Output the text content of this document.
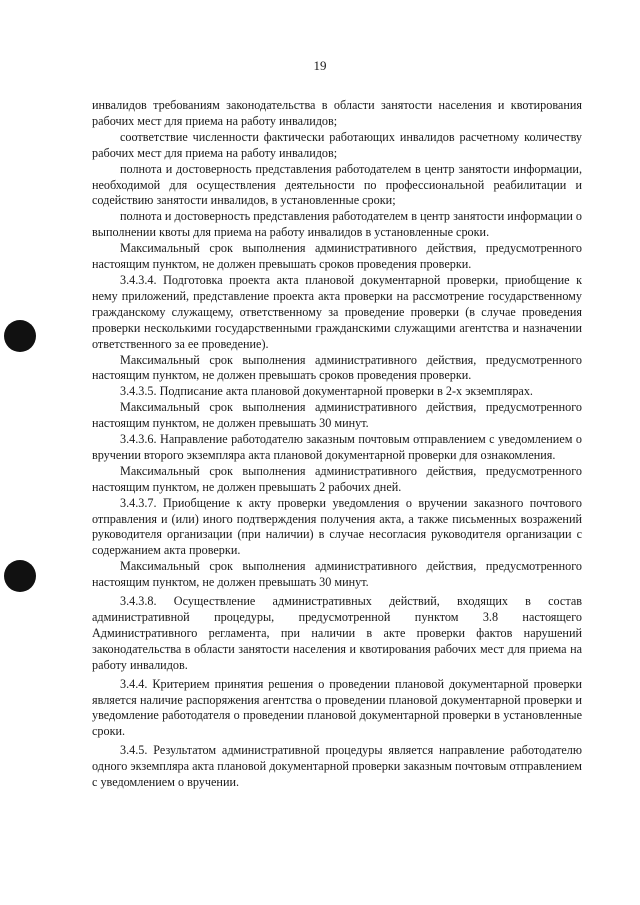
19

инвалидов требованиям законодательства в области занятости населения и квотирования рабочих мест для приема на работу инвалидов;

соответствие численности фактически работающих инвалидов расчетному количеству рабочих мест для приема на работу инвалидов;

полнота и достоверность представления работодателем в центр занятости информации, необходимой для осуществления деятельности по профессиональной реабилитации и содействию занятости инвалидов, в установленные сроки;

полнота и достоверность представления работодателем в центр занятости информации о выполнении квоты для приема на работу инвалидов в установленные сроки.

Максимальный срок выполнения административного действия, предусмотренного настоящим пунктом, не должен превышать сроков проведения проверки.

3.4.3.4. Подготовка проекта акта плановой документарной проверки, приобщение к нему приложений, представление проекта акта проверки на рассмотрение государственному гражданскому служащему, ответственному за проведение проверки (в случае проведения проверки несколькими государственными гражданскими служащими агентства и назначении ответственного за ее проведение).

Максимальный срок выполнения административного действия, предусмотренного настоящим пунктом, не должен превышать сроков проведения проверки.

3.4.3.5. Подписание акта плановой документарной проверки в 2-х экземплярах.

Максимальный срок выполнения административного действия, предусмотренного настоящим пунктом, не должен превышать 30 минут.

3.4.3.6. Направление работодателю заказным почтовым отправлением с уведомлением о вручении второго экземпляра акта плановой документарной проверки для ознакомления.

Максимальный срок выполнения административного действия, предусмотренного настоящим пунктом, не должен превышать 2 рабочих дней.

3.4.3.7. Приобщение к акту проверки уведомления о вручении заказного почтового отправления и (или) иного подтверждения получения акта, а также письменных возражений руководителя организации (при наличии) в случае несогласия руководителя организации с содержанием акта проверки.

Максимальный срок выполнения административного действия, предусмотренного настоящим пунктом, не должен превышать 30 минут.

3.4.3.8. Осуществление административных действий, входящих в состав административной процедуры, предусмотренной пунктом 3.8 настоящего Административного регламента, при наличии в акте проверки фактов нарушений законодательства в области занятости населения и квотирования рабочих мест для приема на работу инвалидов.

3.4.4. Критерием принятия решения о проведении плановой документарной проверки является наличие распоряжения агентства о проведении плановой документарной проверки и уведомление работодателя о проведении плановой документарной проверки в установленные сроки.

3.4.5. Результатом административной процедуры является направление работодателю одного экземпляра акта плановой документарной проверки заказным почтовым отправлением с уведомлением о вручении.
